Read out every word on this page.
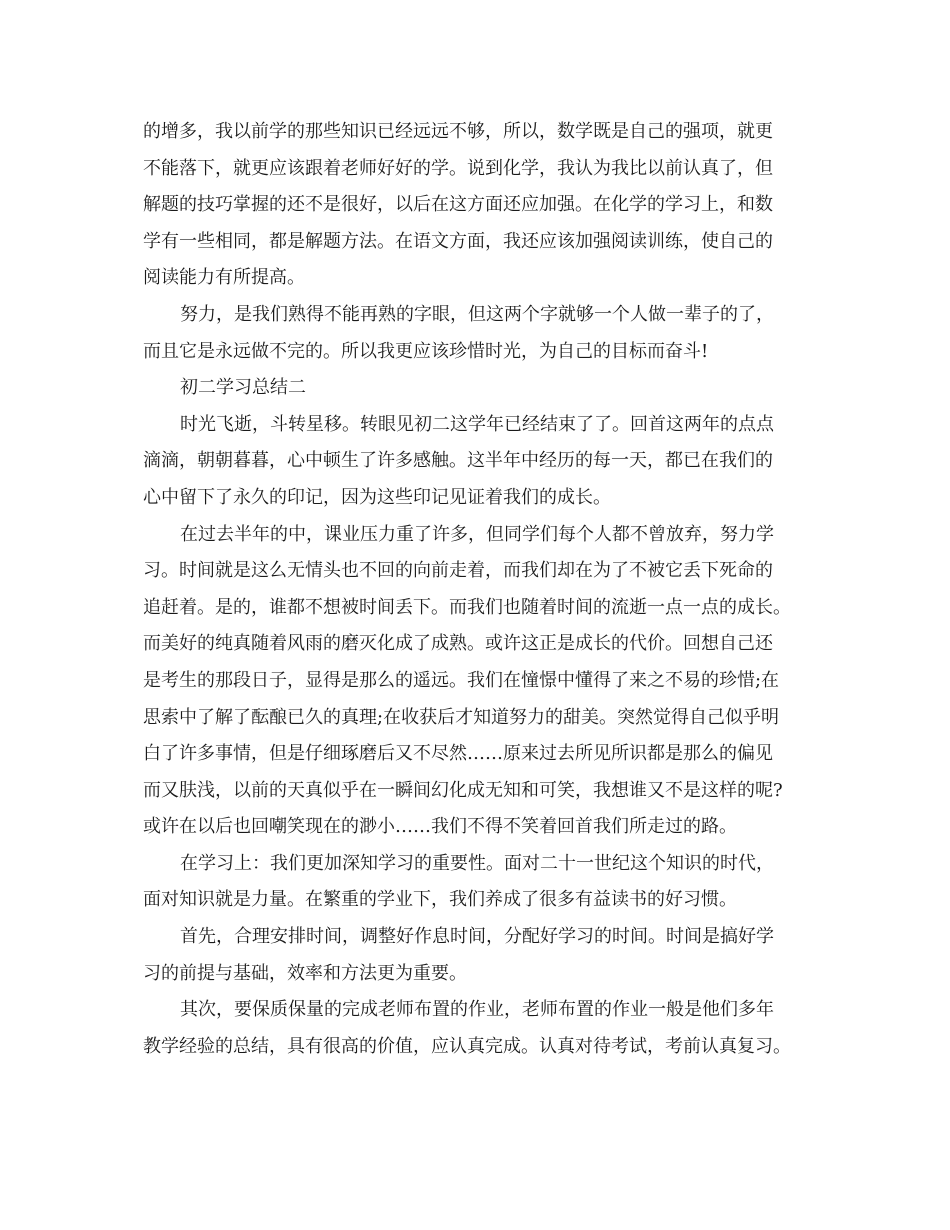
的增多，我以前学的那些知识已经远远不够，所以，数学既是自己的强项，就更
不能落下，就更应该跟着老师好好的学。说到化学，我认为我比以前认真了，但
解题的技巧掌握的还不是很好，以后在这方面还应加强。在化学的学习上，和数
学有一些相同，都是解题方法。在语文方面，我还应该加强阅读训练，使自己的
阅读能力有所提高。
努力，是我们熟得不能再熟的字眼，但这两个字就够一个人做一辈子的了，
而且它是永远做不完的。所以我更应该珍惜时光，为自己的目标而奋斗!
初二学习总结二
时光飞逝，斗转星移。转眼见初二这学年已经结束了了。回首这两年的点点
滴滴，朝朝暮暮，心中顿生了许多感触。这半年中经历的每一天，都已在我们的
心中留下了永久的印记，因为这些印记见证着我们的成长。
在过去半年的中，课业压力重了许多，但同学们每个人都不曾放弃，努力学
习。时间就是这么无情头也不回的向前走着，而我们却在为了不被它丢下死命的
追赶着。是的，谁都不想被时间丢下。而我们也随着时间的流逝一点一点的成长。
而美好的纯真随着风雨的磨灭化成了成熟。或许这正是成长的代价。回想自己还
是考生的那段日子，显得是那么的遥远。我们在憧憬中懂得了来之不易的珍惜;在
思索中了解了酝酿已久的真理;在收获后才知道努力的甜美。突然觉得自己似乎明
白了许多事情，但是仔细琢磨后又不尽然……原来过去所见所识都是那么的偏见
而又肤浅，以前的天真似乎在一瞬间幻化成无知和可笑，我想谁又不是这样的呢?
或许在以后也回嘲笑现在的渺小……我们不得不笑着回首我们所走过的路。
在学习上：我们更加深知学习的重要性。面对二十一世纪这个知识的时代，
面对知识就是力量。在繁重的学业下，我们养成了很多有益读书的好习惯。
首先，合理安排时间，调整好作息时间，分配好学习的时间。时间是搞好学
习的前提与基础，效率和方法更为重要。
其次，要保质保量的完成老师布置的作业，老师布置的作业一般是他们多年
教学经验的总结，具有很高的价值，应认真完成。认真对待考试，考前认真复习。
